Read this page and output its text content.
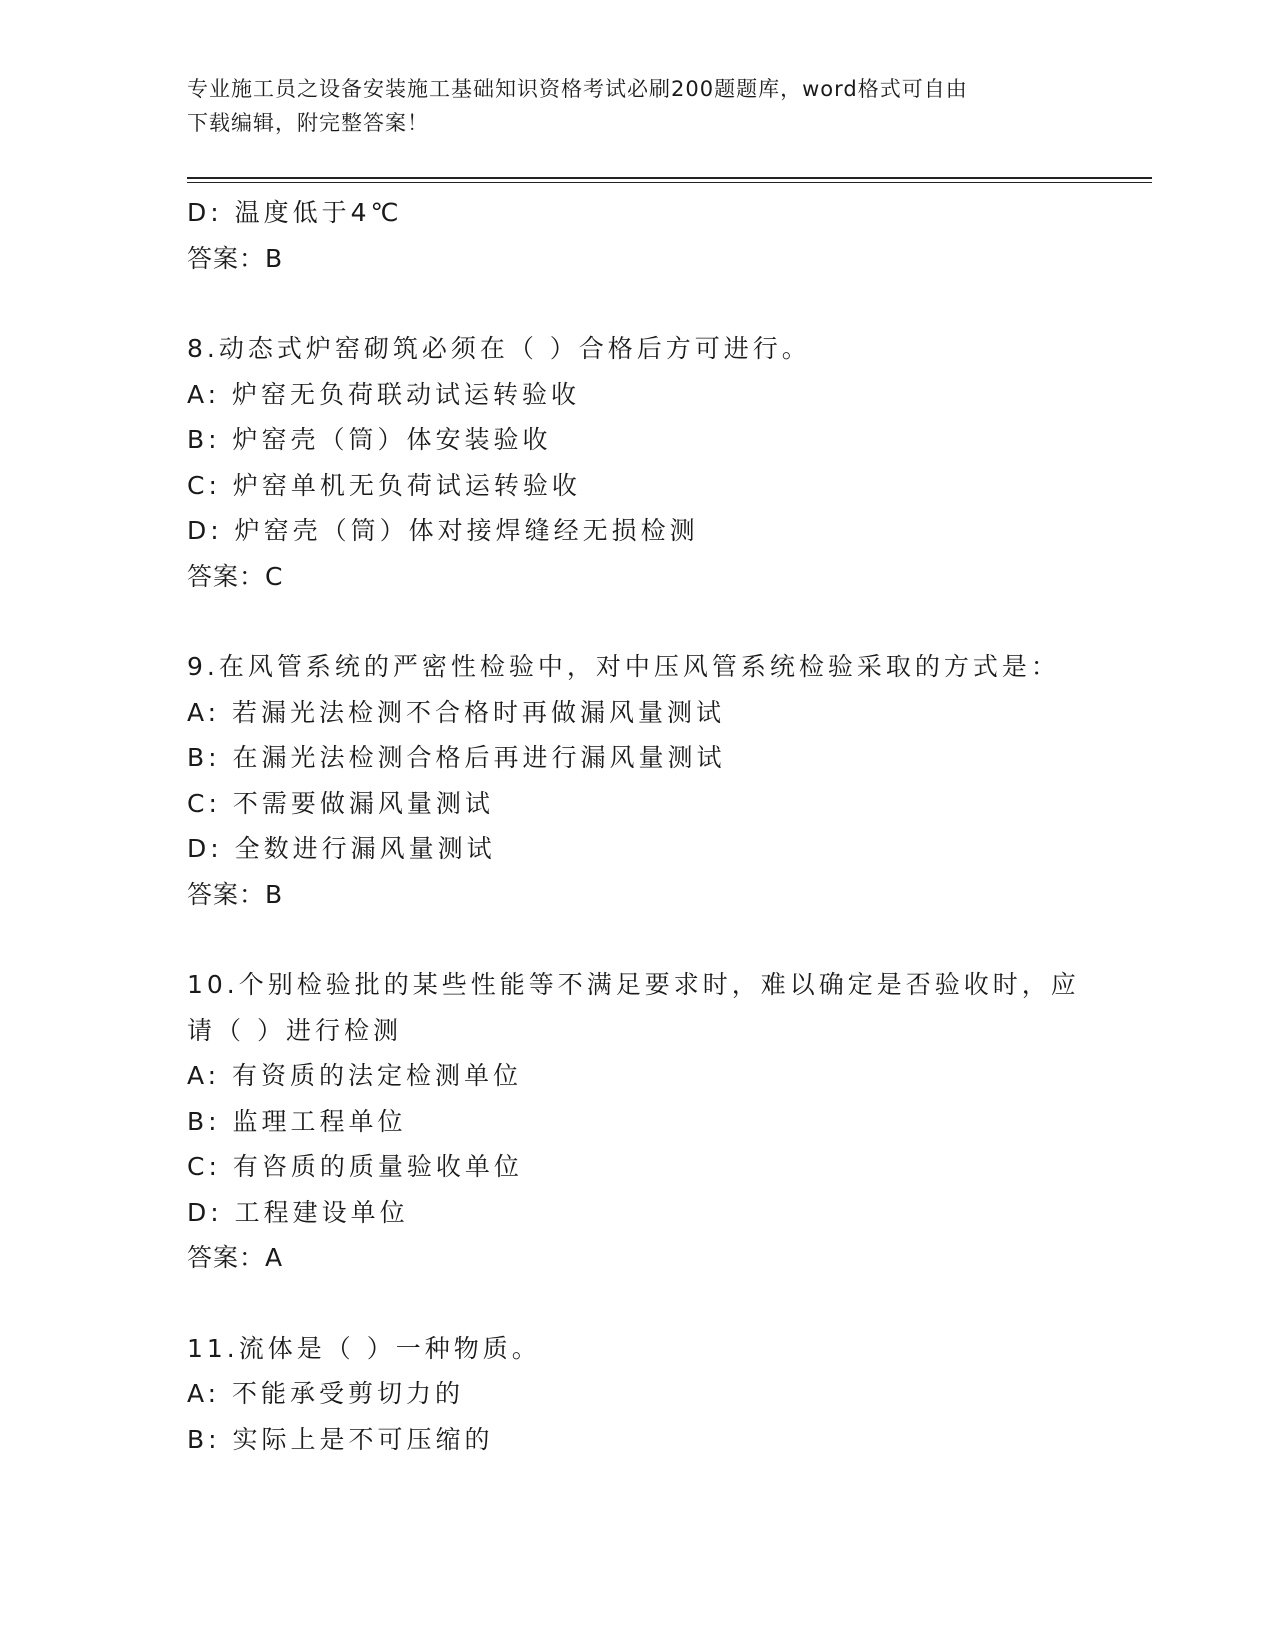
专业施工员之设备安装施工基础知识资格考试必刷200题题库，word格式可自由
下载编辑，附完整答案！
D: 温度低于4℃
答案：B
8.动态式炉窑砌筑必须在（ ）合格后方可进行。
A: 炉窑无负荷联动试运转验收
B: 炉窑壳（筒）体安装验收
C: 炉窑单机无负荷试运转验收
D: 炉窑壳（筒）体对接焊缝经无损检测
答案：C
9.在风管系统的严密性检验中，对中压风管系统检验采取的方式是：
A: 若漏光法检测不合格时再做漏风量测试
B: 在漏光法检测合格后再进行漏风量测试
C: 不需要做漏风量测试
D: 全数进行漏风量测试
答案：B
10.个别检验批的某些性能等不满足要求时，难以确定是否验收时，应
请（ ）进行检测
A: 有资质的法定检测单位
B: 监理工程单位
C: 有咨质的质量验收单位
D: 工程建设单位
答案：A
11.流体是（ ）一种物质。
A: 不能承受剪切力的
B: 实际上是不可压缩的
